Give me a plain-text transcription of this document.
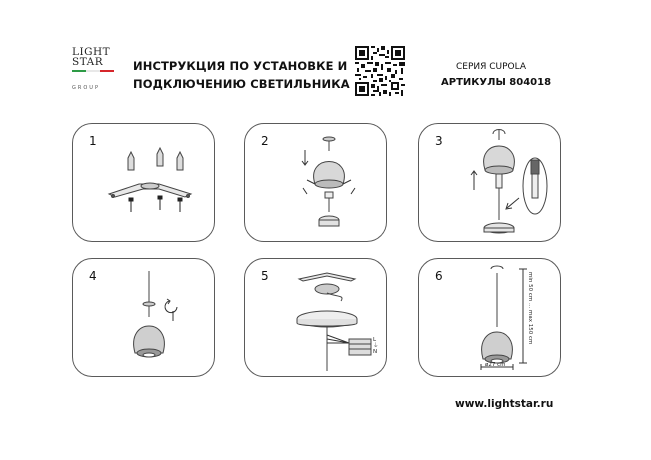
LIGHT
STAR
GROUP
ИНСТРУКЦИЯ ПО УСТАНОВКЕ И
ПОДКЛЮЧЕНИЮ СВЕТИЛЬНИКА
СЕРИЯ CUPOLA
АРТИКУЛЫ 804018
1	2	3
4	5
L
⏚
N
6
ø27 cm
min 50 cm ... max 150 cm
www.lightstar.ru
